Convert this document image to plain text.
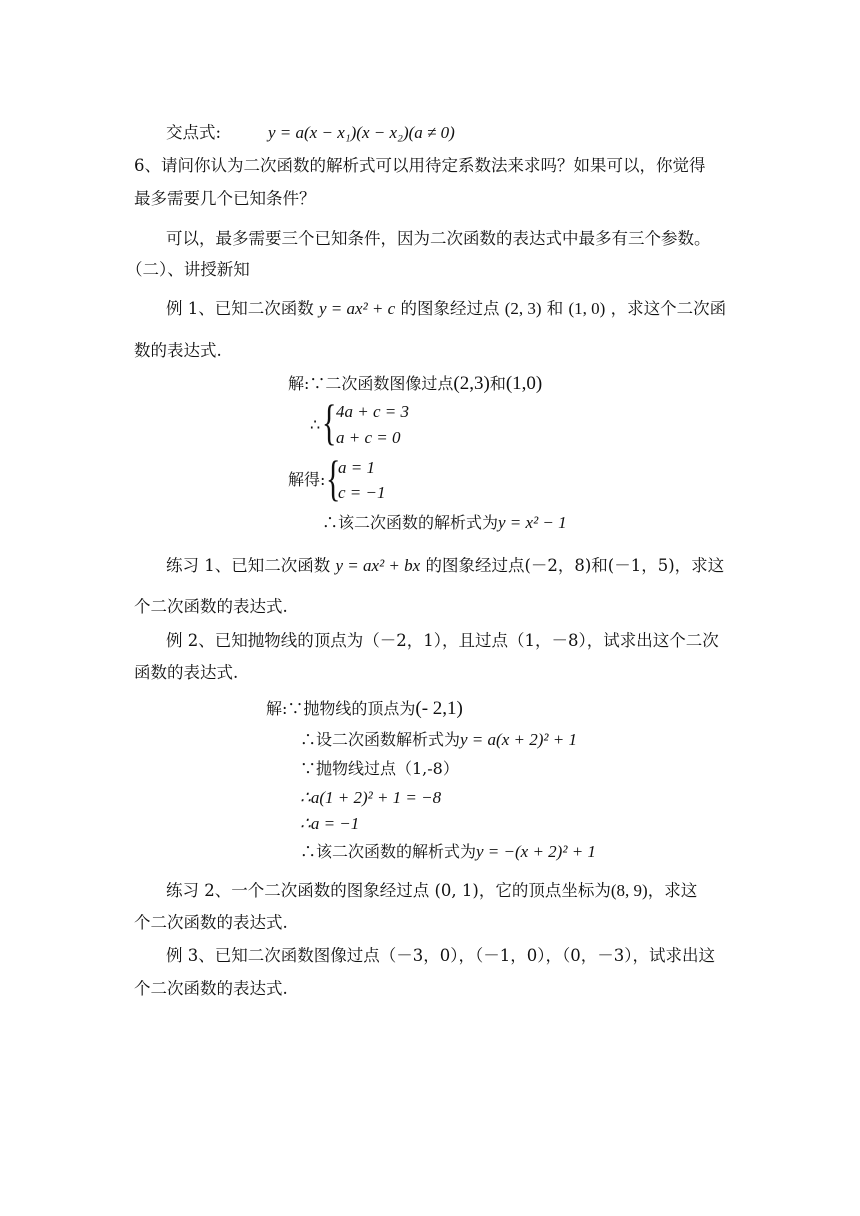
交点式:	y = a(x − x₁)(x − x₂)(a ≠ 0)
6、请问你认为二次函数的解析式可以用待定系数法来求吗？如果可以，你觉得
最多需要几个已知条件？
可以，最多需要三个已知条件，因为二次函数的表达式中最多有三个参数。
（二）、讲授新知
例 1、已知二次函数 y = ax² + c 的图象经过点 (2, 3) 和 (1, 0) ，求这个二次函
数的表达式.
解:∵二次函数图像过点(2,3)和(1,0)
∴ { 4a + c = 3
a + c = 0
解得: {
a = 1
c = −1
∴该二次函数的解析式为y = x² − 1
练习 1、已知二次函数 y = ax² + bx 的图象经过点(－2，8)和(－1，5)，求这
个二次函数的表达式.
例 2、已知抛物线的顶点为（－2，1），且过点（1，－8），试求出这个二次
函数的表达式.
解:∵抛物线的顶点为(- 2,1)
∴设二次函数解析式为y = a(x + 2)² + 1
∵抛物线过点（1,-8）
∴a(1 + 2)² + 1 = −8
∴a = −1
∴该二次函数的解析式为y = −(x + 2)² + 1
练习 2、一个二次函数的图象经过点 (0, 1)，它的顶点坐标为(8, 9)，求这
个二次函数的表达式.
例 3、已知二次函数图像过点（－3，0），（－1，0），（0，－3），试求出这
个二次函数的表达式.
